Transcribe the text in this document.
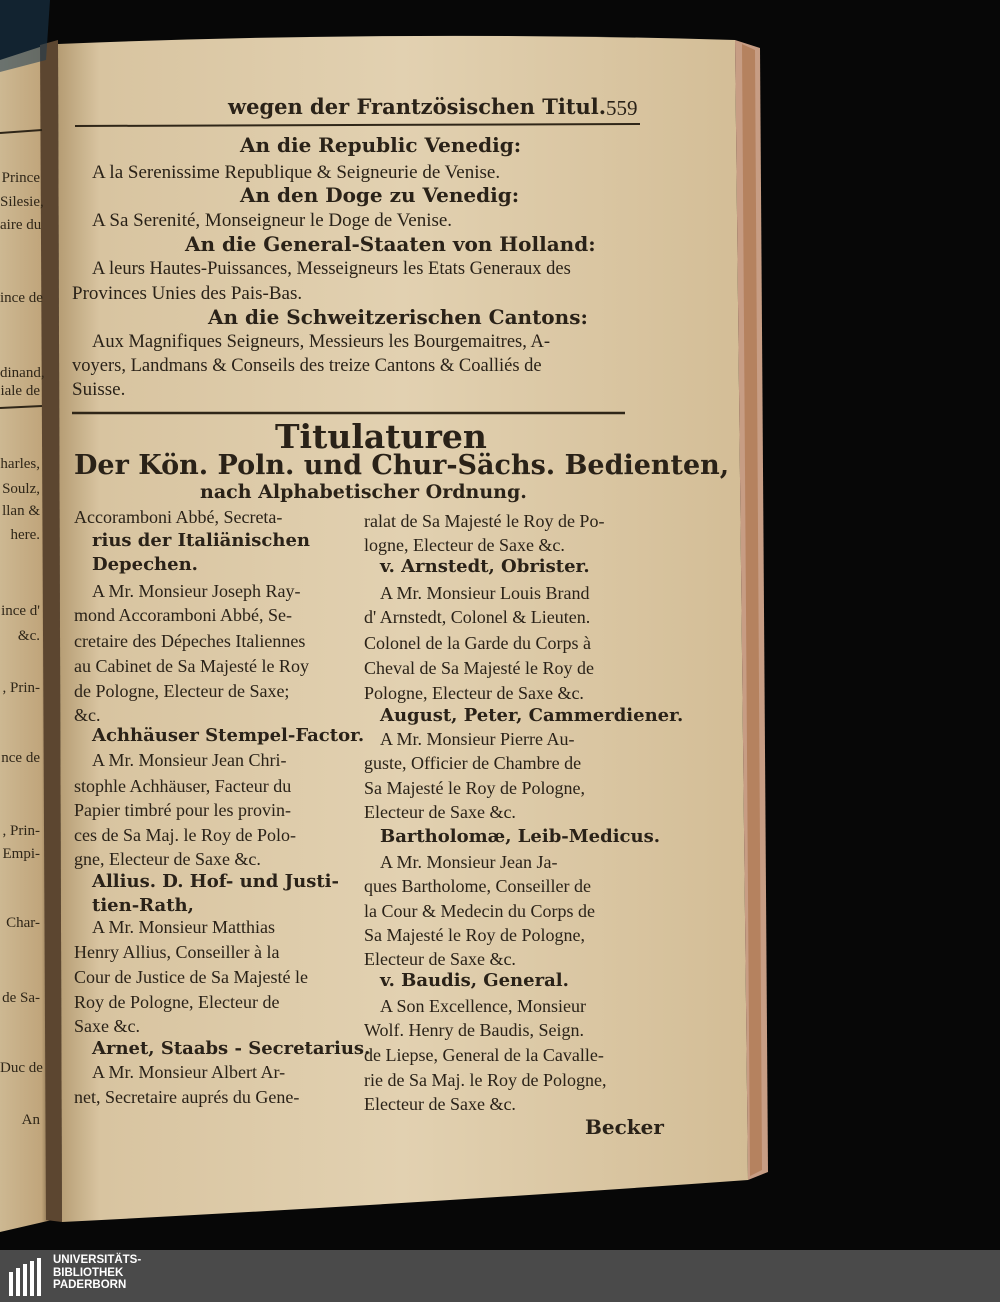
Prince
Silesie,
aire du
ince de
dinand,
iale de
harles,
Soulz,
llan &
here.
ince d'
&c.
, Prin-
nce de
, Prin-
Empi-
Char-
de Sa-
Duc de
An
wegen der Frantzösischen Titul. 559
An die Republic Venedig:
A la Serenissime Republique & Seigneurie de Venise.
An den Doge zu Venedig:
A Sa Serenité, Monseigneur le Doge de Venise.
An die General-Staaten von Holland:
A leurs Hautes-Puissances, Messeigneurs les Etats Generaux des
Provinces Unies des Pais-Bas.
An die Schweitzerischen Cantons:
Aux Magnifiques Seigneurs, Messieurs les Bourgemaitres, A-
voyers, Landmans & Conseils des treize Cantons & Coalliés de
Suisse.
Titulaturen
Der Kön. Poln. und Chur-Sächs. Bedienten,
nach Alphabetischer Ordnung.
Accoramboni Abbé, Secreta-
rius der Italiänischen
Depechen.
A Mr. Monsieur Joseph Ray-
mond Accoramboni Abbé, Se-
cretaire des Dépeches Italiennes
au Cabinet de Sa Majesté le Roy
de Pologne, Electeur de Saxe;
&c.
Achhäuser Stempel-Factor.
A Mr. Monsieur Jean Chri-
stophle Achhäuser, Facteur du
Papier timbré pour les provin-
ces de Sa Maj. le Roy de Polo-
gne, Electeur de Saxe &c.
Allius. D. Hof- und Justi-
tien-Rath,
A Mr. Monsieur Matthias
Henry Allius, Conseiller à la
Cour de Justice de Sa Majesté le
Roy de Pologne, Electeur de
Saxe &c.
Arnet, Staabs - Secretarius.
A Mr. Monsieur Albert Ar-
net, Secretaire auprés du Gene-
ralat de Sa Majesté le Roy de Po-
logne, Electeur de Saxe &c.
v. Arnstedt, Obrister.
A Mr. Monsieur Louis Brand
d' Arnstedt, Colonel & Lieuten.
Colonel de la Garde du Corps à
Cheval de Sa Majesté le Roy de
Pologne, Electeur de Saxe &c.
August, Peter, Cammerdiener.
A Mr. Monsieur Pierre Au-
guste, Officier de Chambre de
Sa Majesté le Roy de Pologne,
Electeur de Saxe &c.
Bartholomæ, Leib-Medicus.
A Mr. Monsieur Jean Ja-
ques Bartholome, Conseiller de
la Cour & Medecin du Corps de
Sa Majesté le Roy de Pologne,
Electeur de Saxe &c.
v. Baudis, General.
A Son Excellence, Monsieur
Wolf. Henry de Baudis, Seign.
de Liepse, General de la Cavalle-
rie de Sa Maj. le Roy de Pologne,
Electeur de Saxe &c.
Becker
UNIVERSITÄTS-
BIBLIOTHEK
PADERBORN
